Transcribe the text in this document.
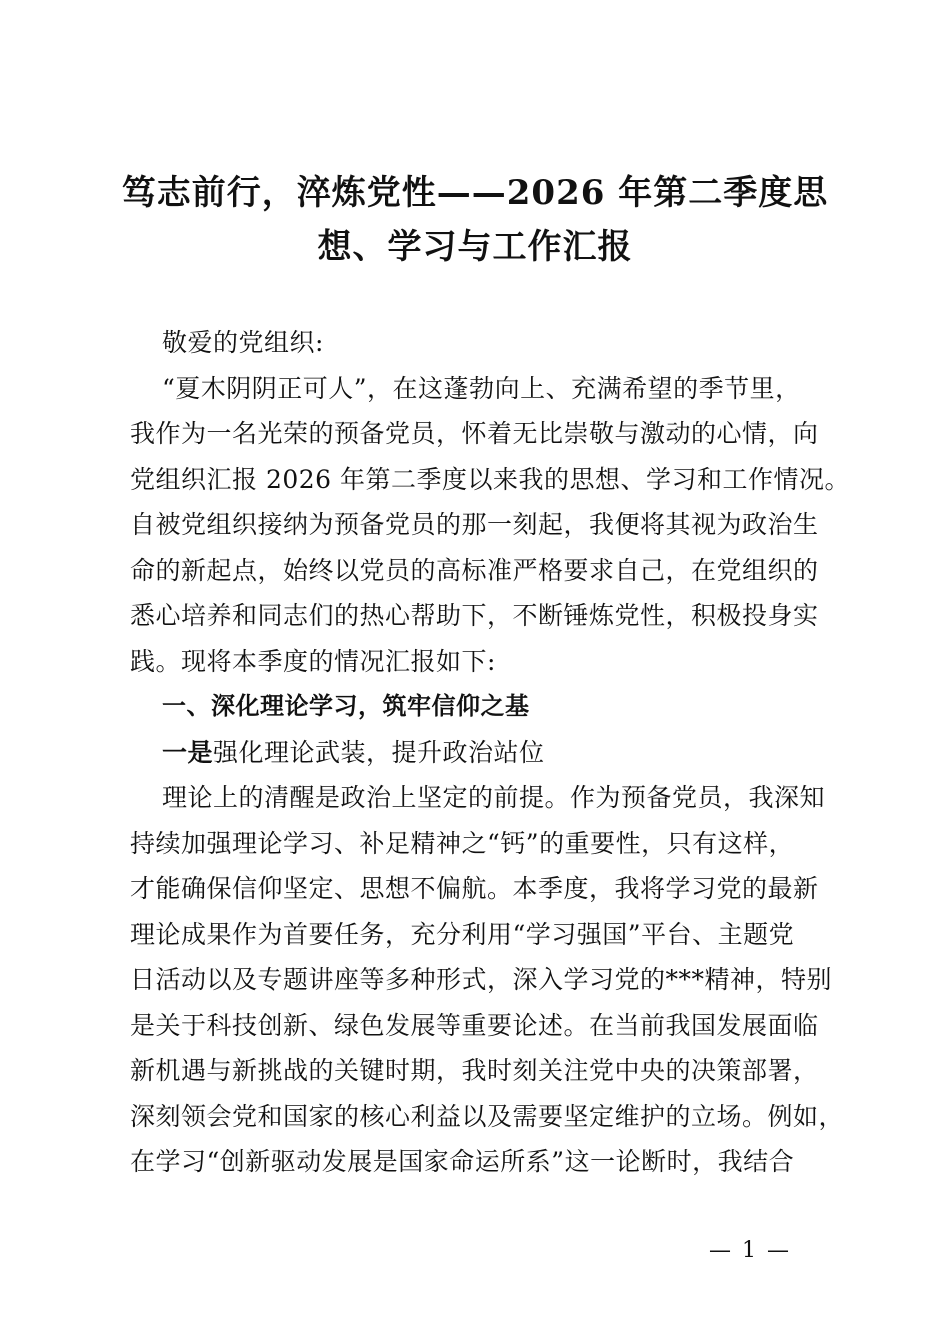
笃志前行，淬炼党性——2026 年第二季度思
想、学习与工作汇报

敬爱的党组织:

“夏木阴阴正可人”，在这蓬勃向上、充满希望的季节里，
我作为一名光荣的预备党员，怀着无比崇敬与激动的心情，向
党组织汇报 2026 年第二季度以来我的思想、学习和工作情况。
自被党组织接纳为预备党员的那一刻起，我便将其视为政治生
命的新起点，始终以党员的高标准严格要求自己，在党组织的
悉心培养和同志们的热心帮助下，不断锤炼党性，积极投身实
践。现将本季度的情况汇报如下:

一、深化理论学习，筑牢信仰之基

一是强化理论武装，提升政治站位

理论上的清醒是政治上坚定的前提。作为预备党员，我深知
持续加强理论学习、补足精神之“钙”的重要性，只有这样，
才能确保信仰坚定、思想不偏航。本季度，我将学习党的最新
理论成果作为首要任务，充分利用“学习强国”平台、主题党
日活动以及专题讲座等多种形式，深入学习党的***精神，特别
是关于科技创新、绿色发展等重要论述。在当前我国发展面临
新机遇与新挑战的关键时期，我时刻关注党中央的决策部署，
深刻领会党和国家的核心利益以及需要坚定维护的立场。例如，
在学习“创新驱动发展是国家命运所系”这一论断时，我结合
— 1 —
